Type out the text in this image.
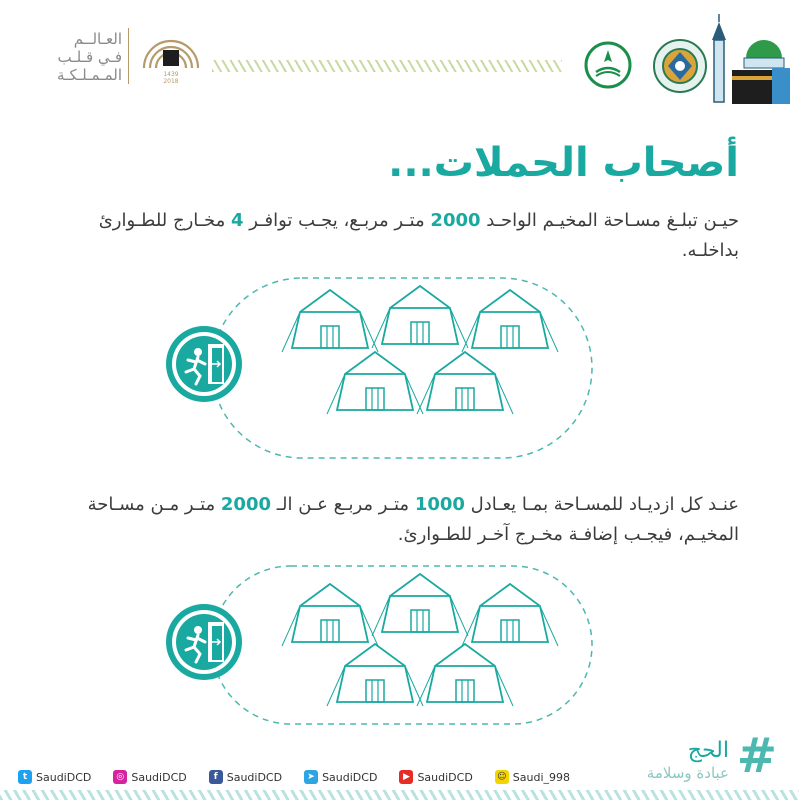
العـالــم
فـي قـلـب
المـمـلـكـة	1439
2018
أصحاب الحملات...
حيـن تبلـغ مسـاحة المخيـم الواحـد 2000 متـر مربـع، يجـب توافـر 4 مخـارج للطـوارئ بداخلـه.
عنـد كل ازديـاد للمسـاحة بمـا يعـادل 1000 متـر مربـع عـن الـ 2000 متـر مـن مسـاحة المخيـم، فيجـب إضافـة مخـرج آخـر للطـوارئ.
t SaudiDCD	◎ SaudiDCD	f SaudiDCD	➤ SaudiDCD	▶ SaudiDCD	☺ Saudi_998
الحج
عبادة وسلامة #
